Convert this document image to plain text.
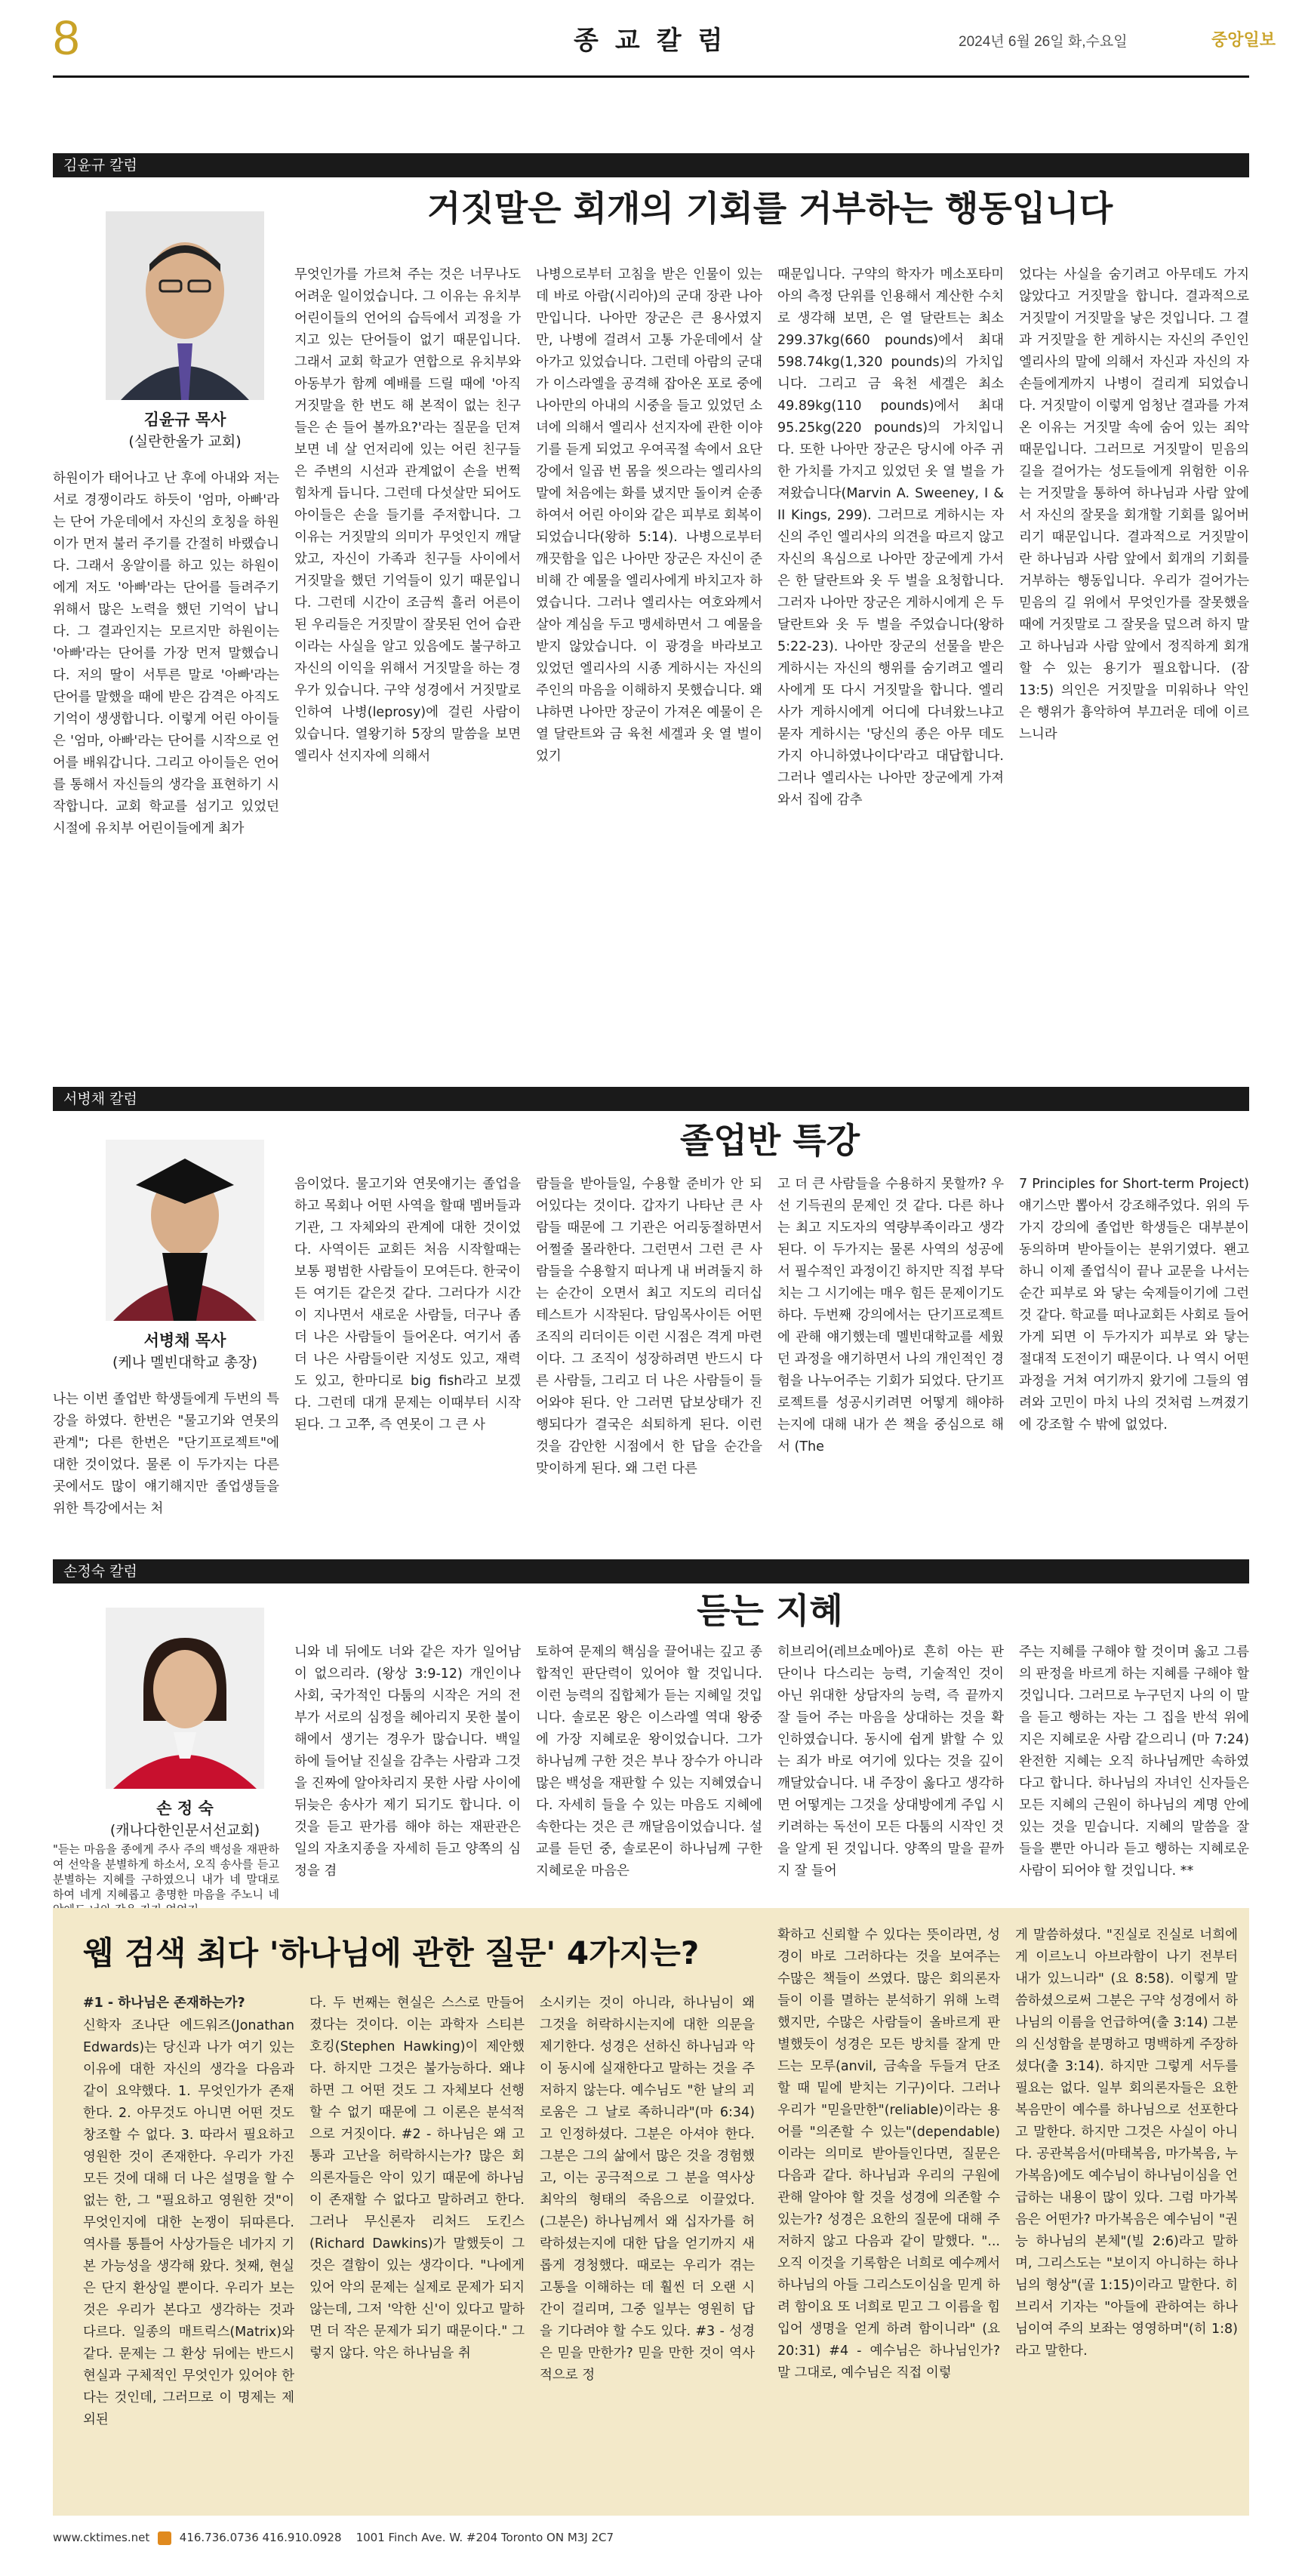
8	종교칼럼	2024년 6월 26일 화,수요일	중앙일보
김윤규 칼럼
거짓말은 회개의 기회를 거부하는 행동입니다
김윤규 목사
(실란한울가 교회)
하원이가 태어나고 난 후에 아내와 저는 서로 경쟁이라도 하듯이 '엄마, 아빠'라는 단어 가운데에서 자신의 호칭을 하원이가 먼저 불러 주기를 간절히 바랬습니다. 그래서 옹알이를 하고 있는 하원이에게 저도 '아빠'라는 단어를 들려주기 위해서 많은 노력을 했던 기억이 납니다. 그 결과인지는 모르지만 하원이는 '아빠'라는 단어를 가장 먼저 말했습니다. 저의 딸이 서투른 말로 '아빠'라는 단어를 말했을 때에 받은 감격은 아직도 기억이 생생합니다. 이렇게 어린 아이들은 '엄마, 아빠'라는 단어를 시작으로 언어를 배워갑니다. 그리고 아이들은 언어를 통해서 자신들의 생각을 표현하기 시작합니다. 교회 학교를 섬기고 있었던 시절에 유치부 어린이들에게 최가
무엇인가를 가르쳐 주는 것은 너무나도 어려운 일이었습니다. 그 이유는 유치부 어린이들의 언어의 습득에서 괴정을 가지고 있는 단어들이 없기 때문입니다. 그래서 교회 학교가 연합으로 유치부와 아동부가 함께 예배를 드릴 때에 '아직 거짓말을 한 번도 해 본적이 없는 친구들은 손 들어 볼까요?'라는 질문을 던져 보면 네 살 언저리에 있는 어린 친구들은 주변의 시선과 관계없이 손을 번쩍 힘차게 듭니다. 그런데 다섯살만 되어도 아이들은 손을 들기를 주저합니다. 그 이유는 거짓말의 의미가 무엇인지 깨달았고, 자신이 가족과 친구들 사이에서 거짓말을 했던 기억들이 있기 때문입니다. 그런데 시간이 조금씩 흘러 어른이 된 우리들은 거짓말이 잘못된 언어 습관이라는 사실을 알고 있음에도 불구하고 자신의 이익을 위해서 거짓말을 하는 경우가 있습니다. 구약 성경에서 거짓말로 인하여 나병(leprosy)에 걸린 사람이 있습니다. 열왕기하 5장의 말씀을 보면 엘리사 선지자에 의해서
나병으로부터 고침을 받은 인물이 있는데 바로 아람(시리아)의 군대 장관 나아만입니다. 나아만 장군은 큰 용사였지만, 나병에 걸려서 고통 가운데에서 살아가고 있었습니다. 그런데 아람의 군대가 이스라엘을 공격해 잡아온 포로 중에 나아만의 아내의 시중을 들고 있었던 소녀에 의해서 엘리사 선지자에 관한 이야기를 듣게 되었고 우여곡절 속에서 요단 강에서 일곱 번 몸을 씻으라는 엘리사의 말에 처음에는 화를 냈지만 돌이켜 순종하여서 어린 아이와 같은 피부로 회복이 되었습니다(왕하 5:14). 나병으로부터 깨끗함을 입은 나아만 장군은 자신이 준비해 간 예물을 엘리사에게 바치고자 하였습니다. 그러나 엘리사는 여호와께서 살아 계심을 두고 맹세하면서 그 예물을 받지 않았습니다. 이 광경을 바라보고 있었던 엘리사의 시종 게하시는 자신의 주인의 마음을 이해하지 못했습니다. 왜냐하면 나아만 장군이 가져온 예물이 은 열 달란트와 금 육천 세겔과 옷 열 벌이었기
때문입니다. 구약의 학자가 메소포타미아의 측정 단위를 인용해서 계산한 수치로 생각해 보면, 은 열 달란트는 최소 299.37kg(660 pounds)에서 최대 598.74kg(1,320 pounds)의 가치입니다. 그리고 금 육천 세겔은 최소 49.89kg(110 pounds)에서 최대 95.25kg(220 pounds)의 가치입니다. 또한 나아만 장군은 당시에 아주 귀한 가치를 가지고 있었던 옷 열 벌을 가져왔습니다(Marvin A. Sweeney, I & II Kings, 299). 그러므로 게하시는 자신의 주인 엘리사의 의견을 따르지 않고 자신의 욕심으로 나아만 장군에게 가서 은 한 달란트와 옷 두 벌을 요청합니다. 그러자 나아만 장군은 게하시에게 은 두 달란트와 옷 두 벌을 주었습니다(왕하 5:22-23). 나아만 장군의 선물을 받은 게하시는 자신의 행위를 숨기려고 엘리사에게 또 다시 거짓말을 합니다. 엘리사가 게하시에게 어디에 다녀왔느냐고 묻자 게하시는 '당신의 종은 아무 데도 가지 아니하였나이다'라고 대답합니다. 그러나 엘리사는 나아만 장군에게 가져와서 집에 감추
었다는 사실을 숨기려고 아무데도 가지 않았다고 거짓말을 합니다. 결과적으로 거짓말이 거짓말을 낳은 것입니다. 그 결과 거짓말을 한 게하시는 자신의 주인인 엘리사의 말에 의해서 자신과 자신의 자손들에게까지 나병이 걸리게 되었습니다. 거짓말이 이렇게 엄청난 결과를 가져온 이유는 거짓말 속에 숨어 있는 죄악 때문입니다. 그러므로 거짓말이 믿음의 길을 걸어가는 성도들에게 위험한 이유는 거짓말을 통하여 하나님과 사람 앞에서 자신의 잘못을 회개할 기회를 잃어버리기 때문입니다. 결과적으로 거짓말이란 하나님과 사람 앞에서 회개의 기회를 거부하는 행동입니다. 우리가 걸어가는 믿음의 길 위에서 무엇인가를 잘못했을 때에 거짓말로 그 잘못을 덮으려 하지 말고 하나님과 사람 앞에서 정직하게 회개할 수 있는 용기가 필요합니다. (잠 13:5) 의인은 거짓말을 미워하나 악인은 행위가 흉악하여 부끄러운 데에 이르느니라
서병채 칼럼
졸업반 특강
서병채 목사
(케나 멜빈대학교 총장)
나는 이번 졸업반 학생들에게 두번의 특강을 하였다. 한번은 "물고기와 연못의 관계"; 다른 한번은 "단기프로젝트"에 대한 것이었다. 물론 이 두가지는 다른 곳에서도 많이 얘기해지만 졸업생들을 위한 특강에서는 처
음이었다. 물고기와 연못얘기는 졸업을 하고 목회나 어떤 사역을 할때 멤버들과 기관, 그 자체와의 관계에 대한 것이었다. 사역이든 교회든 처음 시작할때는 보통 평범한 사람들이 모여든다. 한국이든 여기든 같은것 같다. 그러다가 시간이 지나면서 새로운 사람들, 더구나 좀더 나은 사람들이 들어온다. 여기서 좀 더 나은 사람들이란 지성도 있고, 재력도 있고, 한마디로 big fish라고 보겠다. 그런데 대개 문제는 이때부터 시작된다. 그 고쭈, 즉 연못이 그 큰 사
람들을 받아들일, 수용할 준비가 안 되어있다는 것이다. 갑자기 나타난 큰 사람들 때문에 그 기관은 어리둥절하면서 어쩔줄 몰라한다. 그런면서 그런 큰 사람들을 수용할지 떠나게 내 버려둘지 하는 순간이 오면서 최고 지도의 리더십 테스트가 시작된다. 담임목사이든 어떤 조직의 리더이든 이런 시점은 격게 마련이다. 그 조직이 성장하려면 반드시 다른 사람들, 그리고 더 나은 사람들이 들어와야 된다. 안 그러면 답보상태가 진행되다가 결국은 쇠퇴하게 된다. 이런 것을 감안한 시점에서 한 답을 순간을 맞이하게 된다. 왜 그런 다른
고 더 큰 사람들을 수용하지 못할까? 우선 기득권의 문제인 것 같다. 다른 하나는 최고 지도자의 역량부족이라고 생각된다. 이 두가지는 물론 사역의 성공에서 필수적인 과정이긴 하지만 직접 부닥치는 그 시기에는 매우 힘든 문제이기도 하다. 두번째 강의에서는 단기프로젝트에 관해 얘기했는데 멜빈대학교를 세웠던 과정을 얘기하면서 나의 개인적인 경험을 나누어주는 기회가 되었다. 단기프로젝트를 성공시키려면 어떻게 해야하는지에 대해 내가 쓴 책을 중심으로 해서 (The
7 Principles for Short-term Project) 얘기스만 뽑아서 강조해주었다. 위의 두가지 강의에 졸업반 학생들은 대부분이 동의하며 받아들이는 분위기였다. 왠고하니 이제 졸업식이 끝나 교문을 나서는 순간 피부로 와 닿는 숙제들이기에 그런 것 같다. 학교를 떠나교회든 사회로 들어가게 되면 이 두가지가 피부로 와 닿는 절대적 도전이기 때문이다. 나 역시 어떤 과정을 거쳐 여기까지 왔기에 그들의 염려와 고민이 마치 나의 것처럼 느껴졌기에 강조할 수 밖에 없었다.
손정숙 칼럼
듣는 지혜
손 정 숙
(캐나다한인문서선교회)
"듣는 마음을 종에게 주사 주의 백성을 재판하여 선악을 분별하게 하소서, 오직 송사를 듣고 분별하는 지혜를 구하였으니 내가 네 말대로 하여 네게 지혜롭고 총명한 마음을 주노니 네
니와 네 뒤에도 너와 같은 자가 일어남이 없으리라. (왕상 3:9-12) 개인이나 사회, 국가적인 다툼의 시작은 거의 전부가 서로의 심정을 헤아리지 못한 불이해에서 생기는 경우가 많습니다. 백일 하에 들어날 진실을 감추는 사람과 그것을 진짜에 알아차리지 못한 사람 사이에 뒤늦은 송사가 제기 되기도 합니다. 이것을 듣고 판가름 해야 하는 재판관은 일의 자초지종을 자세히 듣고 양쪽의 심정을 겸
토하여 문제의 핵심을 끌어내는 깊고 종합적인 판단력이 있어야 할 것입니다. 이런 능력의 집합체가 듣는 지혜일 것입니다. 솔로몬 왕은 이스라엘 역대 왕중에 가장 지혜로운 왕이었습니다. 그가 하나님께 구한 것은 부나 장수가 아니라 많은 백성을 재판할 수 있는 지혜였습니다. 자세히 들을 수 있는 마음도 지혜에 속한다는 것은 큰 깨달음이었습니다. 설교를 듣던 중, 솔로몬이 하나님께 구한 지혜로운 마음은
히브리어(레브쇼메아)로 흔히 아는 판단이나 다스리는 능력, 기술적인 것이 아닌 위대한 상담자의 능력, 즉 끝까지 잘 들어 주는 마음을 상대하는 것을 확인하였습니다. 동시에 쉽게 밝할 수 있는 죄가 바로 여기에 있다는 것을 깊이 깨달았습니다. 내 주장이 옳다고 생각하면 어떻게는 그것을 상대방에게 주입 시키려하는 독선이 모든 다툼의 시작인 것을 알게 된 것입니다. 양쪽의 말을 끝까지 잘 들어
주는 지혜를 구해야 할 것이며 옳고 그름의 판정을 바르게 하는 지혜를 구해야 할 것입니다. 그러므로 누구던지 나의 이 말을 듣고 행하는 자는 그 집을 반석 위에 지은 지혜로운 사람 같으리니 (마 7:24) 완전한 지혜는 오직 하나님께만 속하였다고 합니다. 하나님의 자녀인 신자들은 모든 지혜의 근원이 하나님의 계명 안에 있는 것을 믿습니다. 지혜의 말씀을 잘 들을 뿐만 아니라 듣고 행하는 지혜로운 사람이 되어야 할 것입니다. **
웹 검색 최다 '하나님에 관한 질문' 4가지는?
#1 - 하나님은 존재하는가?
신학자 조나단 에드워즈(Jonathan Edwards)는 당신과 나가 여기 있는 이유에 대한 자신의 생각을 다음과 같이 요약했다. 1. 무엇인가가 존재한다. 2. 아무것도 아니면 어떤 것도 창조할 수 없다. 3. 따라서 필요하고 영원한 것이 존재한다. 우리가 가진 모든 것에 대해 더 나은 설명을 할 수 없는 한, 그 "필요하고 영원한 것"이 무엇인지에 대한 논쟁이 뒤따른다. 역사를 통틀어 사상가들은 네가지 기본 가능성을 생각해 왔다. 첫째, 현실은 단지 환상일 뿐이다. 우리가 보는 것은 우리가 본다고 생각하는 것과 다르다. 일종의 매트릭스(Matrix)와 같다. 문제는 그 환상 뒤에는 반드시 현실과 구체적인 무엇인가 있어야 한다는 것인데, 그러므로 이 명제는 제외된
다. 두 번째는 현실은 스스로 만들어졌다는 것이다. 이는 과학자 스티븐 호킹(Stephen Hawking)이 제안했다. 하지만 그것은 불가능하다. 왜냐하면 그 어떤 것도 그 자체보다 선행할 수 없기 때문에 그 이론은 분석적으로 거짓이다. #2 - 하나님은 왜 고통과 고난을 허락하시는가? 많은 회의론자들은 악이 있기 때문에 하나님이 존재할 수 없다고 말하려고 한다. 그러나 무신론자 리처드 도킨스(Richard Dawkins)가 말했듯이 그것은 결함이 있는 생각이다. "나에게 있어 악의 문제는 실제로 문제가 되지 않는데, 그저 '악한 신'이 있다고 말하면 더 작은 문제가 되기 때문이다." 그렇지 않다. 악은 하나님을 취
소시키는 것이 아니라, 하나님이 왜 그것을 허락하시는지에 대한 의문을 제기한다. 성경은 선하신 하나님과 악이 동시에 실재한다고 말하는 것을 주저하지 않는다. 예수님도 "한 날의 괴로움은 그 날로 족하니라"(마 6:34)고 인정하셨다. 그분은 아셔야 한다. 그분은 그의 삶에서 많은 것을 경험했고, 이는 공극적으로 그 분을 역사상 최악의 형태의 죽음으로 이끌었다. (그분은) 하나님께서 왜 십자가를 허락하셨는지에 대한 답을 얻기까지 새롭게 경청했다. 때로는 우리가 겪는 고통을 이해하는 데 훨씬 더 오랜 시간이 걸리며, 그중 일부는 영원히 답을 기다려야 할 수도 있다. #3 - 성경은 믿을 만한가? 믿을 만한 것이 역사적으로 정
확하고 신뢰할 수 있다는 뜻이라면, 성경이 바로 그러하다는 것을 보여주는 수많은 책들이 쓰였다. 많은 회의론자들이 이를 멸하는 분석하기 위해 노력했지만, 수많은 사람들이 올바르게 판별했듯이 성경은 모든 방치를 잘게 만드는 모루(anvil, 금속을 두들겨 단조할 때 밑에 받치는 기구)이다. 그러나 우리가 "믿을만한"(reliable)이라는 용어를 "의존할 수 있는"(dependable)이라는 의미로 받아들인다면, 질문은 다음과 같다. 하나님과 우리의 구원에 관해 알아야 할 것을 성경에 의존할 수 있는가? 성경은 요한의 질문에 대해 주저하지 않고 다음과 같이 말했다. "... 오직 이것을 기록함은 너희로 예수께서 하나님의 아들 그리스도이심을 믿게 하려 함이요 또 너희로 믿고 그 이름을 힘입어 생명을 얻게 하려 함이니라" (요 20:31) #4 - 예수님은 하나님인가? 말 그대로, 예수님은 직접 이렇
게 말씀하셨다. "진실로 진실로 너희에게 이르노니 아브라함이 나기 전부터 내가 있느니라" (요 8:58). 이렇게 말씀하셨으로써 그분은 구약 성경에서 하나님의 이름을 언급하여(출 3:14) 그분의 신성함을 분명하고 명백하게 주장하셨다(출 3:14). 하지만 그렇게 서두를 필요는 없다. 일부 회의론자들은 요한복음만이 예수를 하나님으로 선포한다고 말한다. 하지만 그것은 사실이 아니다. 공관복음서(마태복음, 마가복음, 누가복음)에도 예수님이 하나님이심을 언급하는 내용이 많이 있다. 그럼 마가복음은 어떤가? 마가복음은 예수님이 "권능 하나님의 본체"(빌 2:6)라고 말하며, 그리스도는 "보이지 아니하는 하나님의 형상"(골 1:15)이라고 말한다. 히브리서 기자는 "아들에 관하여는 하나님이여 주의 보좌는 영영하며"(히 1:8)라고 말한다.
www.cktimes.net	416.736.0736 416.910.0928 1001 Finch Ave. W. #204 Toronto ON M3J 2C7
